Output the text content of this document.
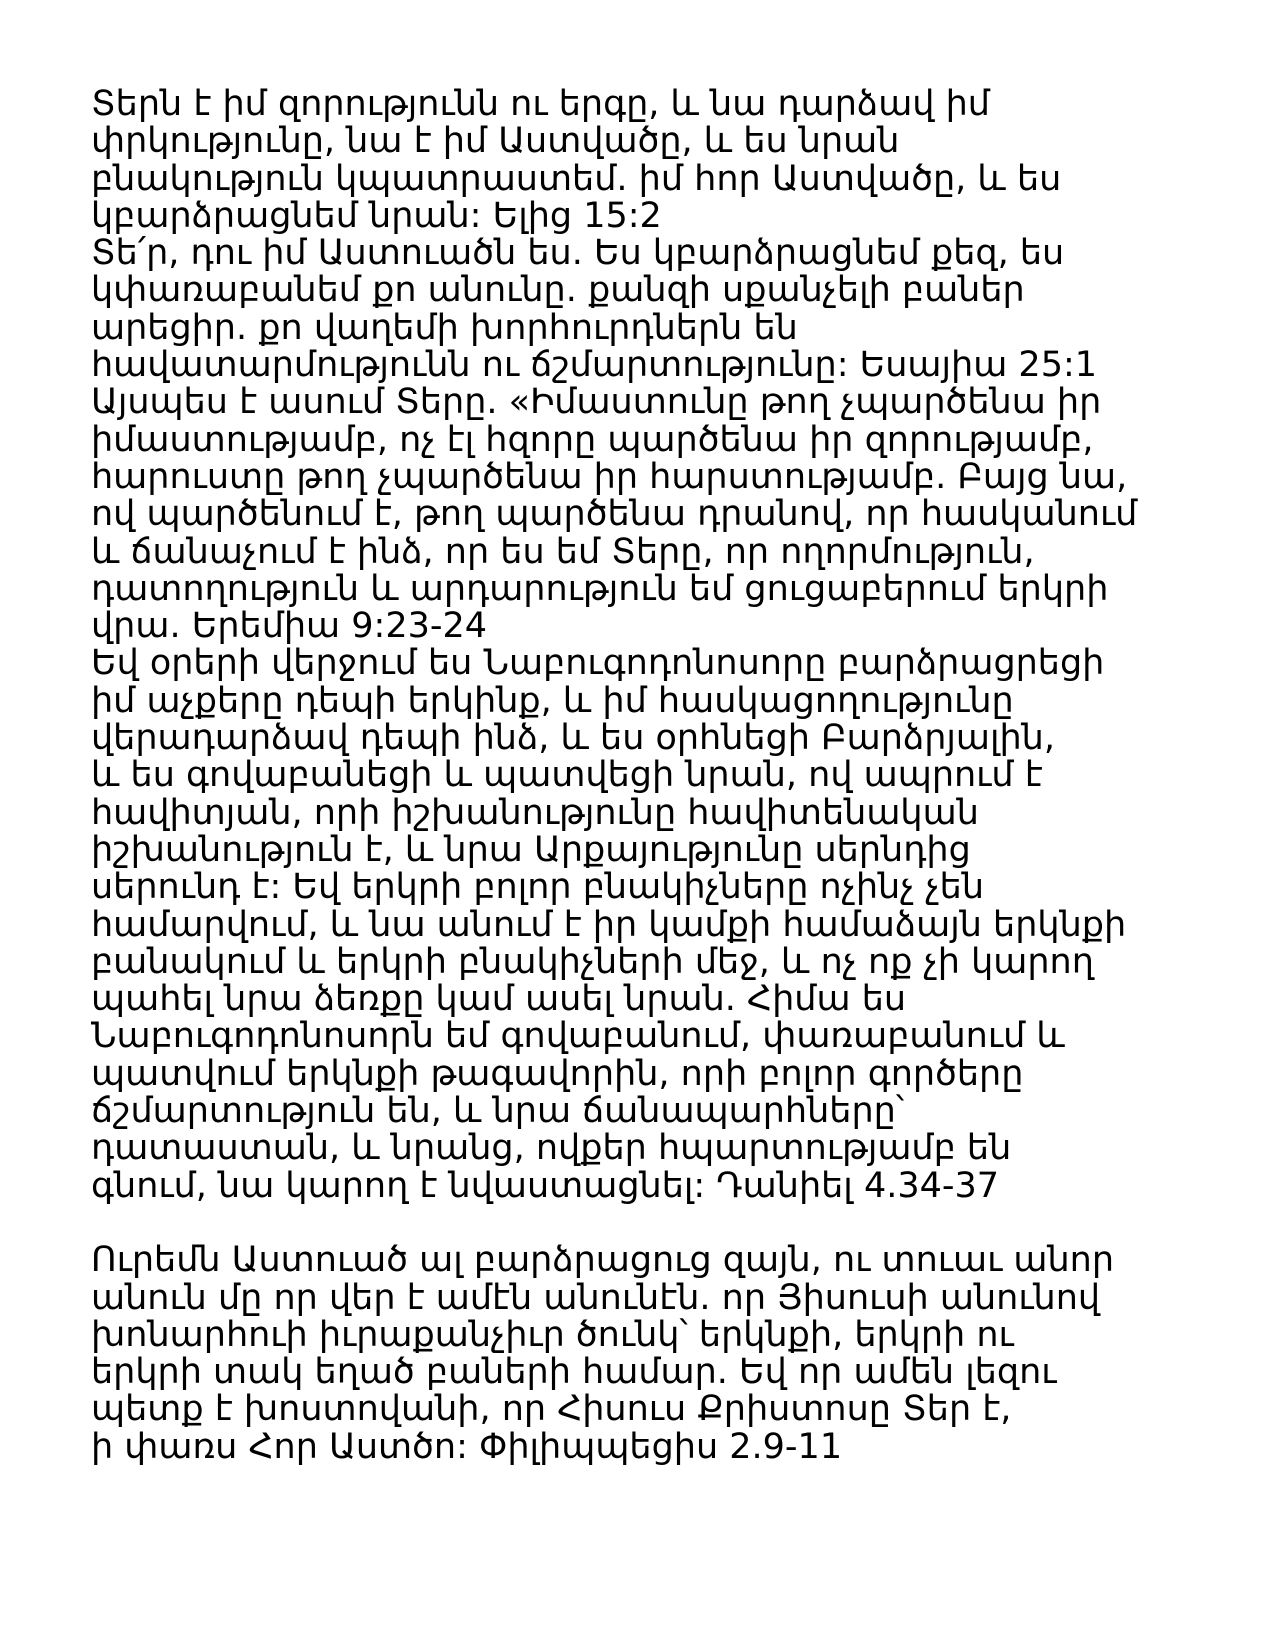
Տերն է իմ զորությունն ու երգը, և նա դարձավ իմ
փրկությունը, նա է իմ Աստվածը, և ես նրան
բնակություն կպատրաստեմ. իմ հոր Աստվածը, և ես
կբարձրացնեմ նրան: Ելից 15:2
Տե՛ր, դու իմ Աստուածն ես. Ես կբարձրացնեմ քեզ, ես
կփառաբանեմ քո անունը. քանզի սքանչելի բաներ
արեցիր. քո վաղեմի խորհուրդներն են
հավատարմությունն ու ճշմարտությունը: Եսայիա 25:1
Այսպես է ասում Տերը. «Իմաստունը թող չպարծենա իր
իմաստությամբ, ոչ էլ հզորը պարծենա իր զորությամբ,
հարուստը թող չպարծենա իր հարստությամբ. Բայց նա,
ով պարծենում է, թող պարծենա դրանով, որ հասկանում
և ճանաչում է ինձ, որ ես եմ Տերը, որ ողորմություն,
դատողություն և արդարություն եմ ցուցաբերում երկրի
վրա. Երեմիա 9:23-24
Եվ օրերի վերջում ես Նաբուգոդոնոսորը բարձրացրեցի
իմ աչքերը դեպի երկինք, և իմ հասկացողությունը
վերադարձավ դեպի ինձ, և ես օրհնեցի Բարձրյալին,
և ես գովաբանեցի և պատվեցի նրան, ով ապրում է
հավիտյան, որի իշխանությունը հավիտենական
իշխանություն է, և նրա Արքայությունը սերնդից
սերունդ է: Եվ երկրի բոլոր բնակիչները ոչինչ չեն
համարվում, և նա անում է իր կամքի համաձայն երկնքի
բանակում և երկրի բնակիչների մեջ, և ոչ ոք չի կարող
պահել նրա ձեռքը կամ ասել նրան. Հիմա ես
Նաբուգոդոնոսորն եմ գովաբանում, փառաբանում և
պատվում երկնքի թագավորին, որի բոլոր գործերը
ճշմարտություն են, և նրա ճանապարհները՝
դատաստան, և նրանց, ովքեր հպարտությամբ են
գնում, նա կարող է նվաստացնել: Դանիել 4.34-37
Ուրեմն Աստուած ալ բարձրացուց զայն, ու տուաւ անոր
անուն մը որ վեր է ամէն անունէն. որ Յիսուսի անունով
խոնարհուի իւրաքանչիւր ծունկ՝ երկնքի, երկրի ու
երկրի տակ եղած բաների համար. Եվ որ ամեն լեզու
պետք է խոստովանի, որ Հիսուս Քրիստոսը Տեր է,
ի փառս Հոր Աստծո: Փիլիպպեցիս 2.9-11
